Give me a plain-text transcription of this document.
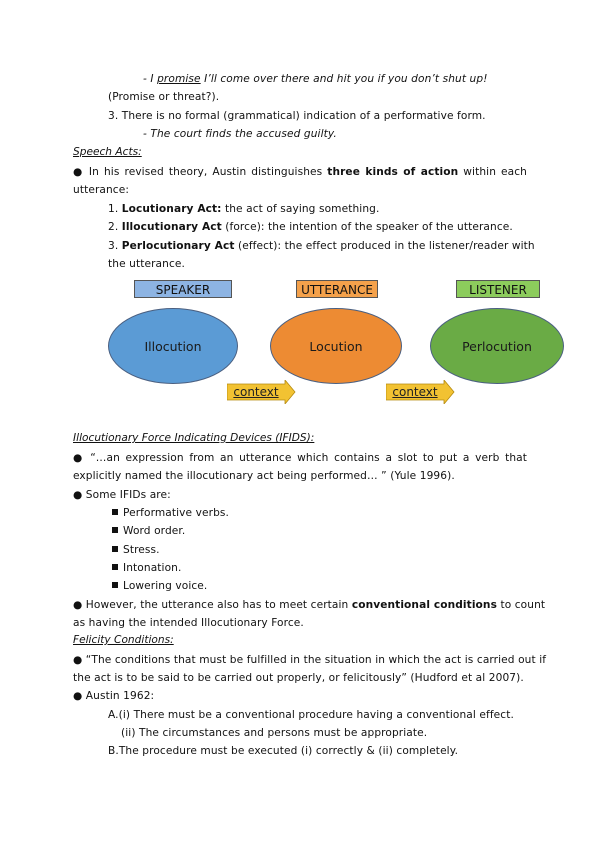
- I promise I’ll come over there and hit you if you don’t shut up!
(Promise or threat?).
3. There is no formal (grammatical) indication of a performative form.
- The court finds the accused guilty.
Speech Acts:
● In his revised theory, Austin distinguishes three kinds of action within each
utterance:
1. Locutionary Act: the act of saying something.
2. Illocutionary Act (force): the intention of the speaker of the utterance.
3. Perlocutionary Act (effect): the effect produced in the listener/reader with
the utterance.
SPEAKER	UTTERANCE	LISTENER
Illocution	Locution	Perlocution
context	context
Illocutionary Force Indicating Devices (IFIDS):
● “…an expression from an utterance which contains a slot to put a verb that
explicitly named the illocutionary act being performed… ” (Yule 1996).
● Some IFIDs are:
Performative verbs.
Word order.
Stress.
Intonation.
Lowering voice.
● However, the utterance also has to meet certain conventional conditions to count
as having the intended Illocutionary Force.
Felicity Conditions:
● “The conditions that must be fulfilled in the situation in which the act is carried out if
the act is to be said to be carried out properly, or felicitously” (Hudford et al 2007).
● Austin 1962:
A.(i) There must be a conventional procedure having a conventional effect.
(ii) The circumstances and persons must be appropriate.
B.The procedure must be executed (i) correctly & (ii) completely.
